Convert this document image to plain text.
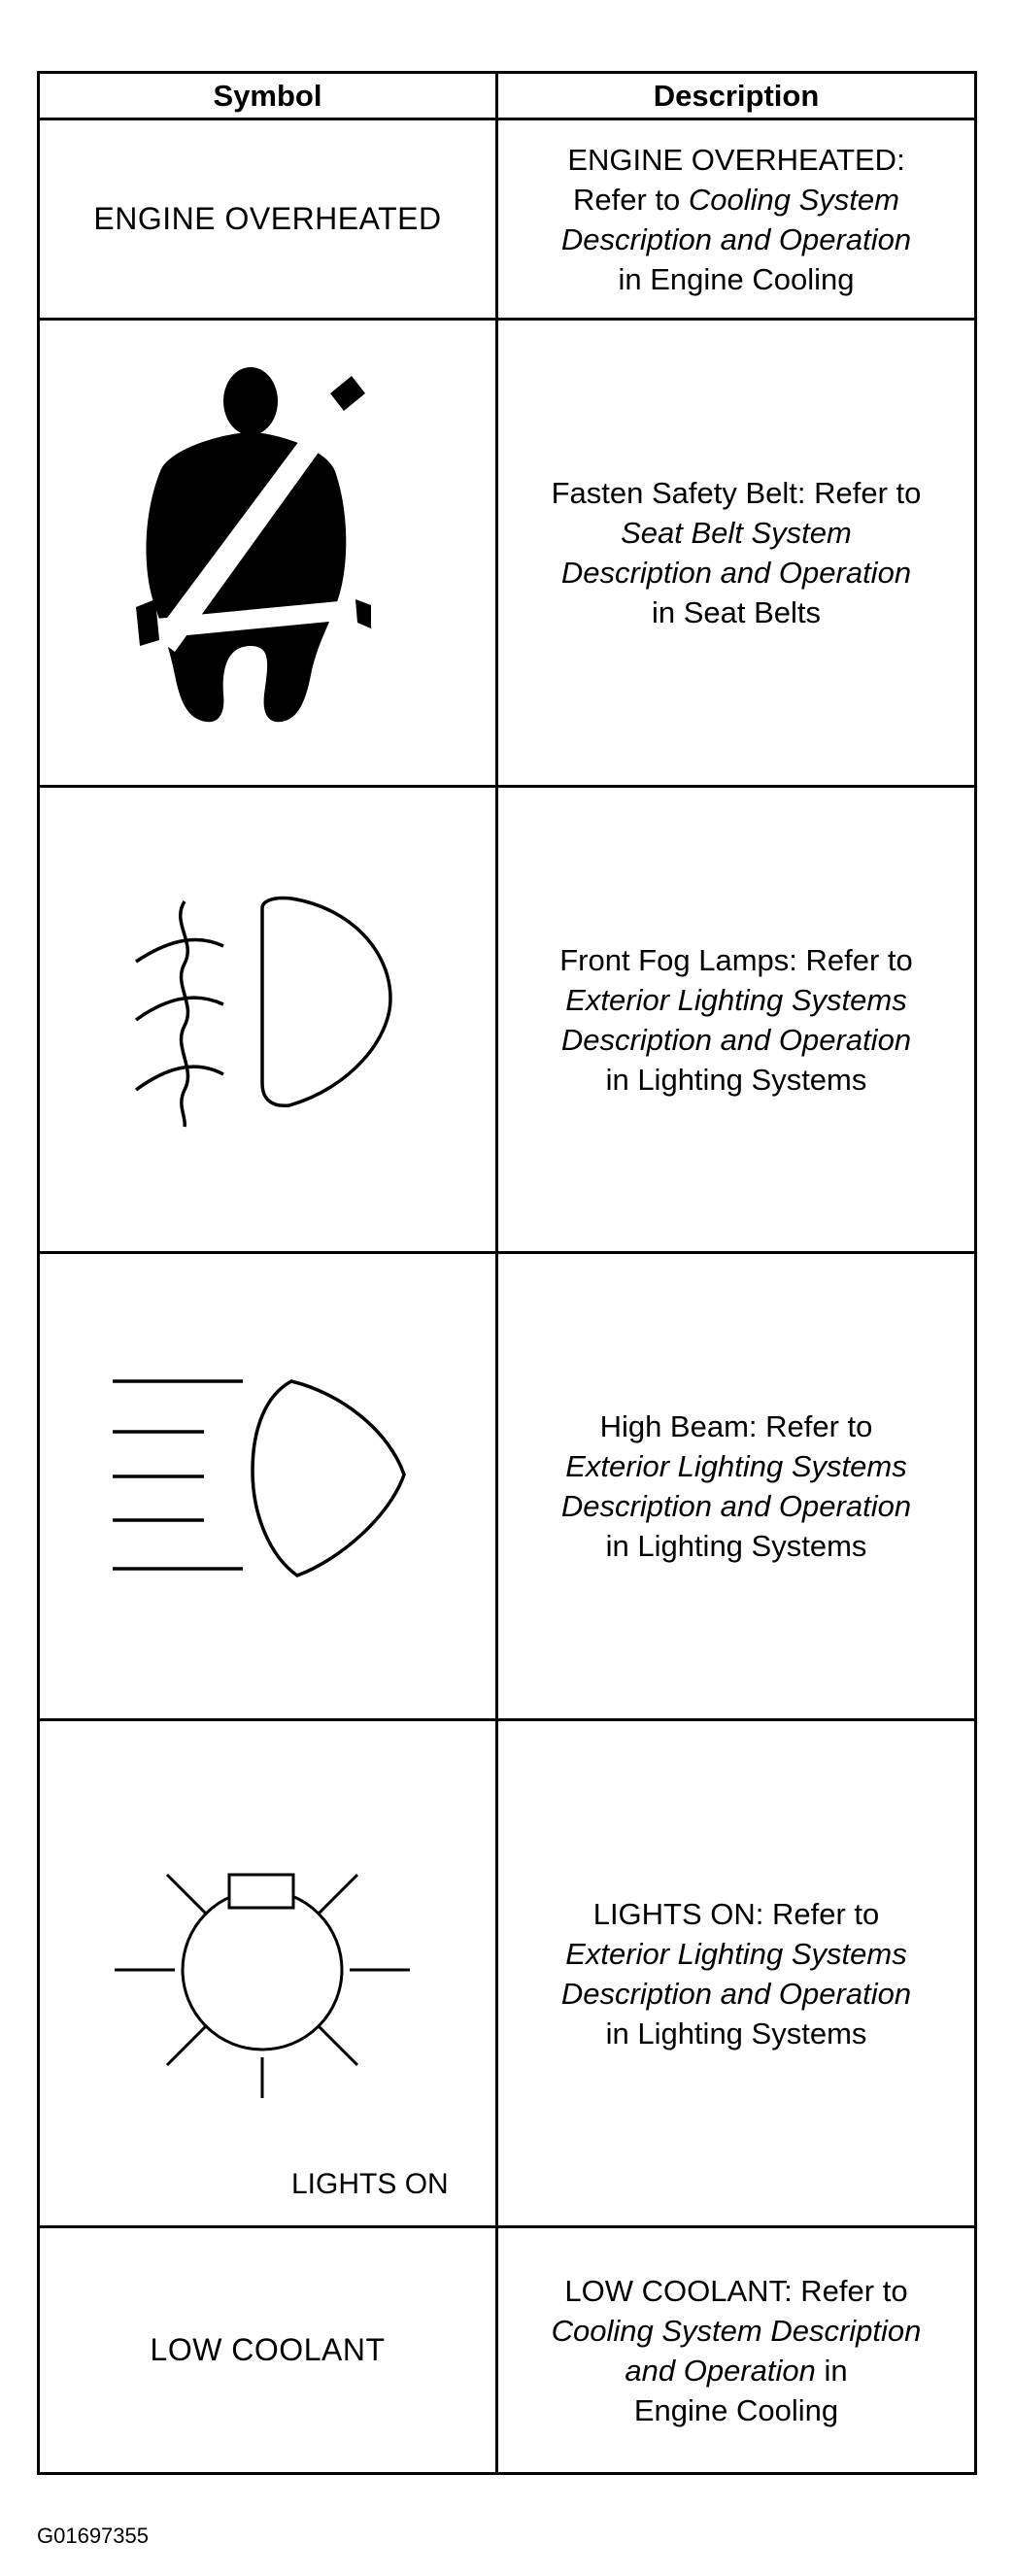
Symbol	Description
ENGINE OVERHEATED
ENGINE OVERHEATED:
Refer to Cooling System
Description and Operation
in Engine Cooling
Fasten Safety Belt: Refer to
Seat Belt System
Description and Operation
in Seat Belts
Front Fog Lamps: Refer to
Exterior Lighting Systems
Description and Operation
in Lighting Systems
High Beam: Refer to
Exterior Lighting Systems
Description and Operation
in Lighting Systems
LIGHTS ON
LIGHTS ON: Refer to
Exterior Lighting Systems
Description and Operation
in Lighting Systems
LOW COOLANT
LOW COOLANT: Refer to
Cooling System Description
and Operation in
Engine Cooling
G01697355
